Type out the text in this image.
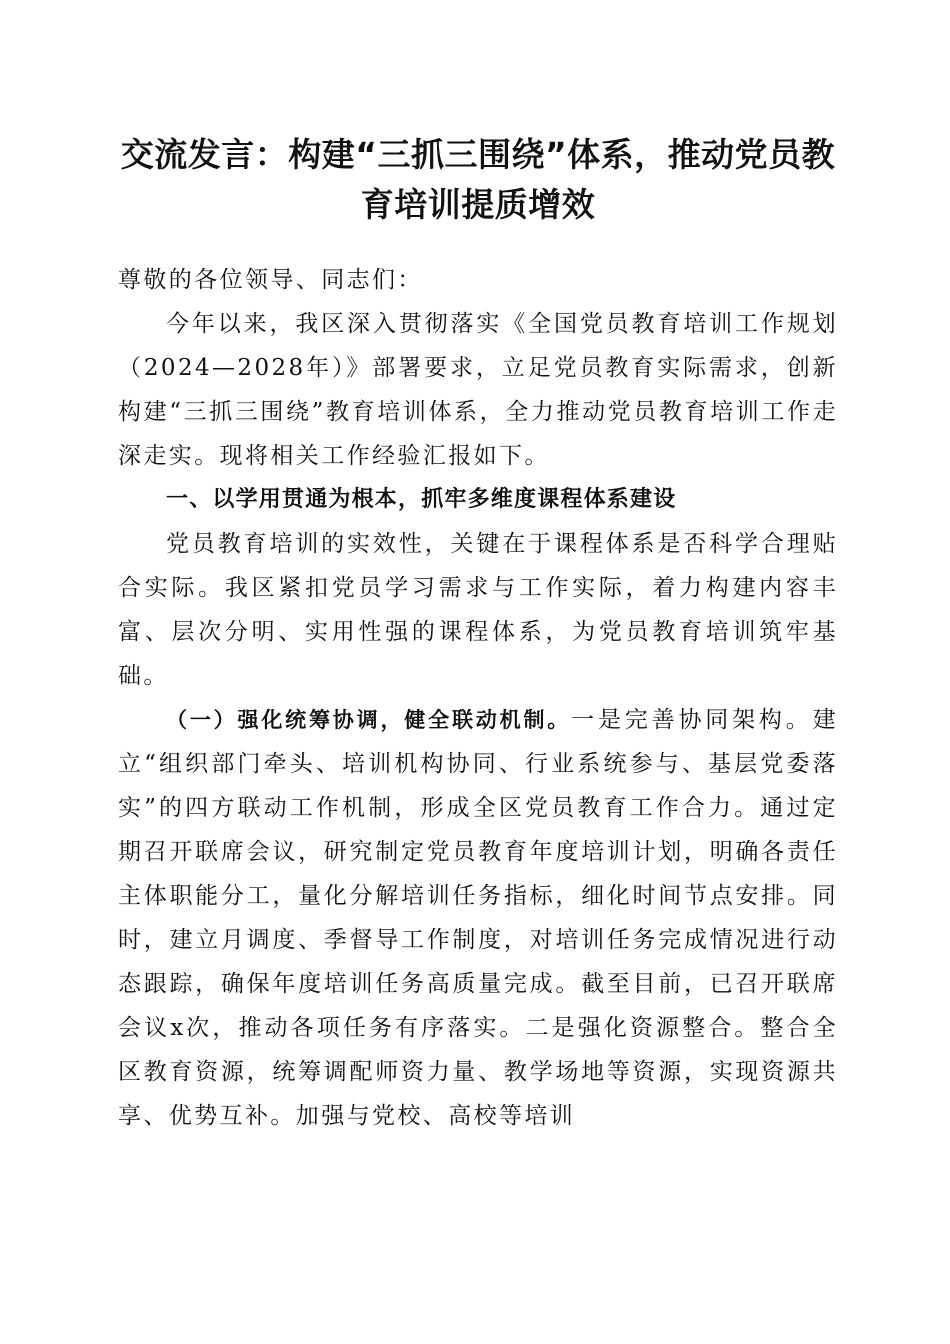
交流发言：构建“三抓三围绕”体系，推动党员教育培训提质增效
尊敬的各位领导、同志们：

今年以来，我区深入贯彻落实《全国党员教育培训工作规划（2024—2028年）》部署要求，立足党员教育实际需求，创新构建“三抓三围绕”教育培训体系，全力推动党员教育培训工作走深走实。现将相关工作经验汇报如下。

一、以学用贯通为根本，抓牢多维度课程体系建设

党员教育培训的实效性，关键在于课程体系是否科学合理贴合实际。我区紧扣党员学习需求与工作实际，着力构建内容丰富、层次分明、实用性强的课程体系，为党员教育培训筑牢基础。

（一）强化统筹协调，健全联动机制。一是完善协同架构。建立“组织部门牵头、培训机构协同、行业系统参与、基层党委落实”的四方联动工作机制，形成全区党员教育工作合力。通过定期召开联席会议，研究制定党员教育年度培训计划，明确各责任主体职能分工，量化分解培训任务指标，细化时间节点安排。同时，建立月调度、季督导工作制度，对培训任务完成情况进行动态跟踪，确保年度培训任务高质量完成。截至目前，已召开联席会议x次，推动各项任务有序落实。二是强化资源整合。整合全区教育资源，统筹调配师资力量、教学场地等资源，实现资源共享、优势互补。加强与党校、高校等培训
